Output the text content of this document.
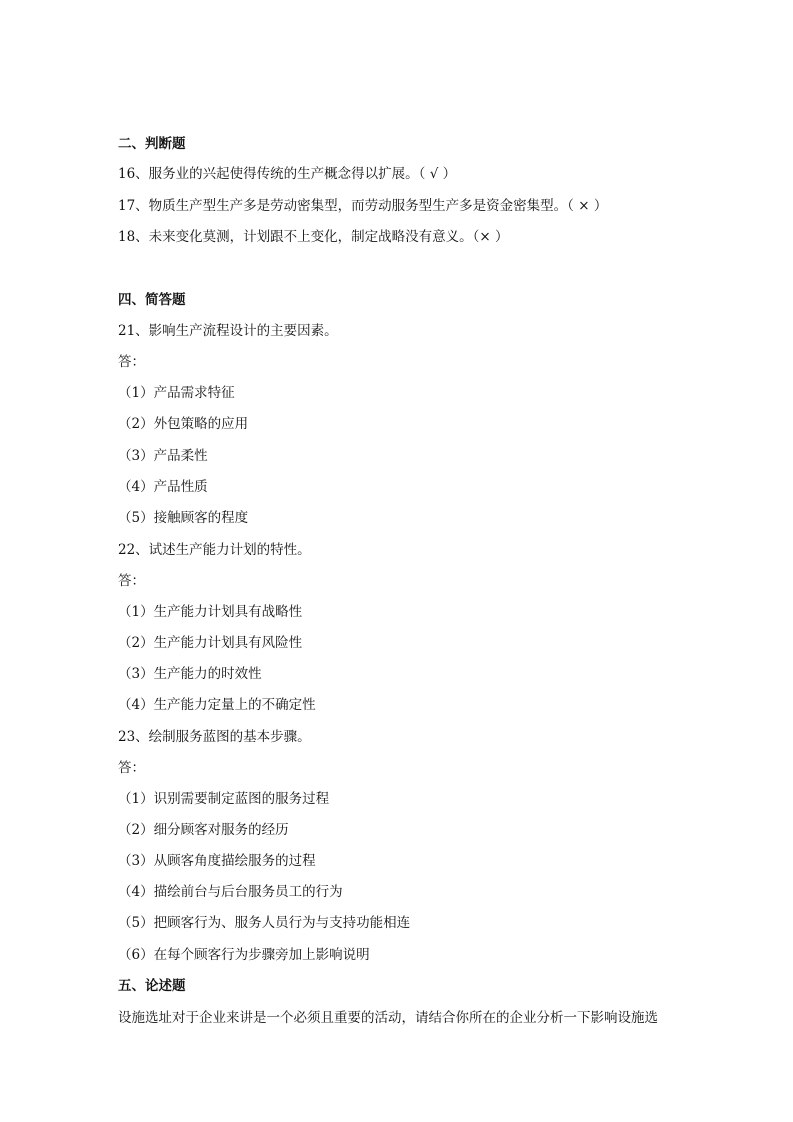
二、判断题
16、服务业的兴起使得传统的生产概念得以扩展。（ √ ）
17、物质生产型生产多是劳动密集型，而劳动服务型生产多是资金密集型。（ × ）
18、未来变化莫测，计划跟不上变化，制定战略没有意义。（× ）
四、简答题
21、影响生产流程设计的主要因素。
答：
（1）产品需求特征
（2）外包策略的应用
（3）产品柔性
（4）产品性质
（5）接触顾客的程度
22、试述生产能力计划的特性。
答：
（1）生产能力计划具有战略性
（2）生产能力计划具有风险性
（3）生产能力的时效性
（4）生产能力定量上的不确定性
23、绘制服务蓝图的基本步骤。
答：
（1）识别需要制定蓝图的服务过程
（2）细分顾客对服务的经历
（3）从顾客角度描绘服务的过程
（4）描绘前台与后台服务员工的行为
（5）把顾客行为、服务人员行为与支持功能相连
（6）在每个顾客行为步骤旁加上影响说明
五、论述题
设施选址对于企业来讲是一个必须且重要的活动，请结合你所在的企业分析一下影响设施选
